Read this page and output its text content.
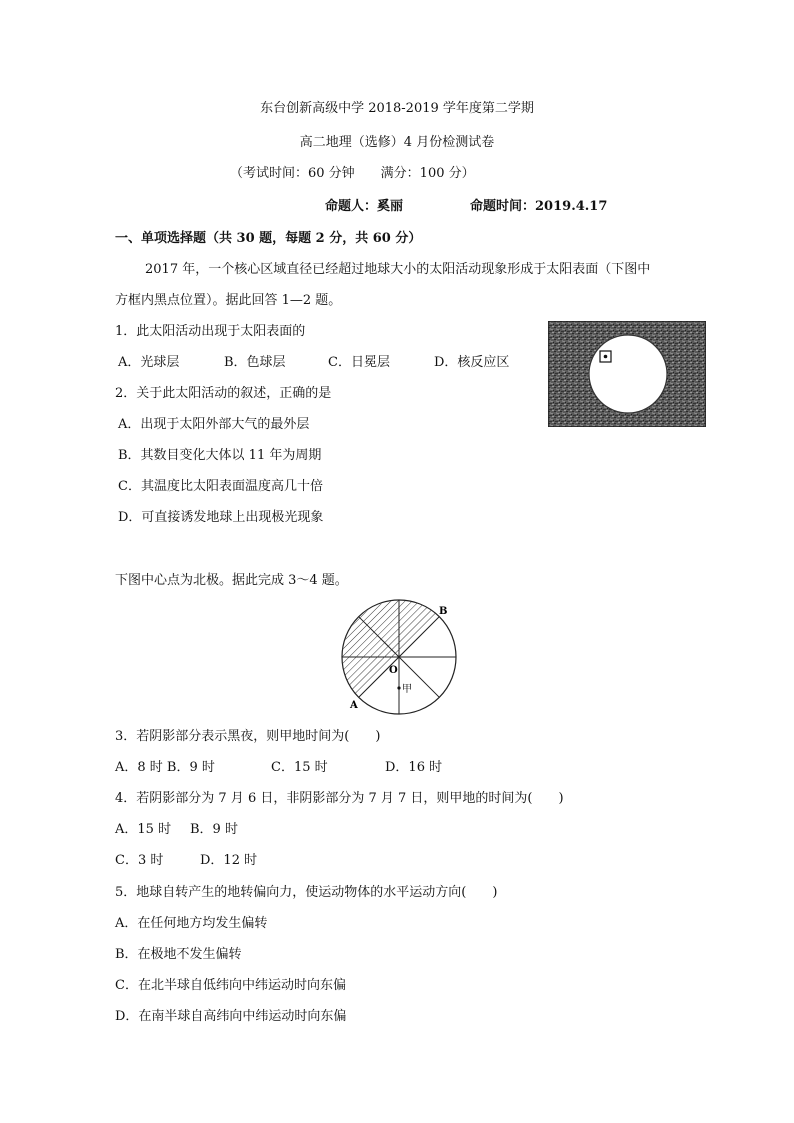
东台创新高级中学 2018-2019 学年度第二学期
高二地理（选修）4 月份检测试卷
（考试时间：60 分钟　　满分：100 分）
命题人：奚丽	命题时间：2019.4.17
一、单项选择题（共 30 题，每题 2 分，共 60 分）
2017 年，一个核心区域直径已经超过地球大小的太阳活动现象形成于太阳表面（下图中
方框内黑点位置）。据此回答 1—2 题。
1．此太阳活动出现于太阳表面的
A．光球层	B．色球层	C．日冕层	D．核反应区
2．关于此太阳活动的叙述，正确的是
A．出现于太阳外部大气的最外层
B．其数目变化大体以 11 年为周期
C．其温度比太阳表面温度高几十倍
D．可直接诱发地球上出现极光现象
下图中心点为北极。据此完成 3～4 题。
B
A
O
甲
3．若阴影部分表示黑夜，则甲地时间为(　　)
A．8 时 B．9 时	C．15 时	D．16 时
4．若阴影部分为 7 月 6 日，非阴影部分为 7 月 7 日，则甲地的时间为(　　)
A．15 时 B．9 时
C．3 时	D．12 时
5．地球自转产生的地转偏向力，使运动物体的水平运动方向(　　)
A．在任何地方均发生偏转
B．在极地不发生偏转
C．在北半球自低纬向中纬运动时向东偏
D．在南半球自高纬向中纬运动时向东偏
